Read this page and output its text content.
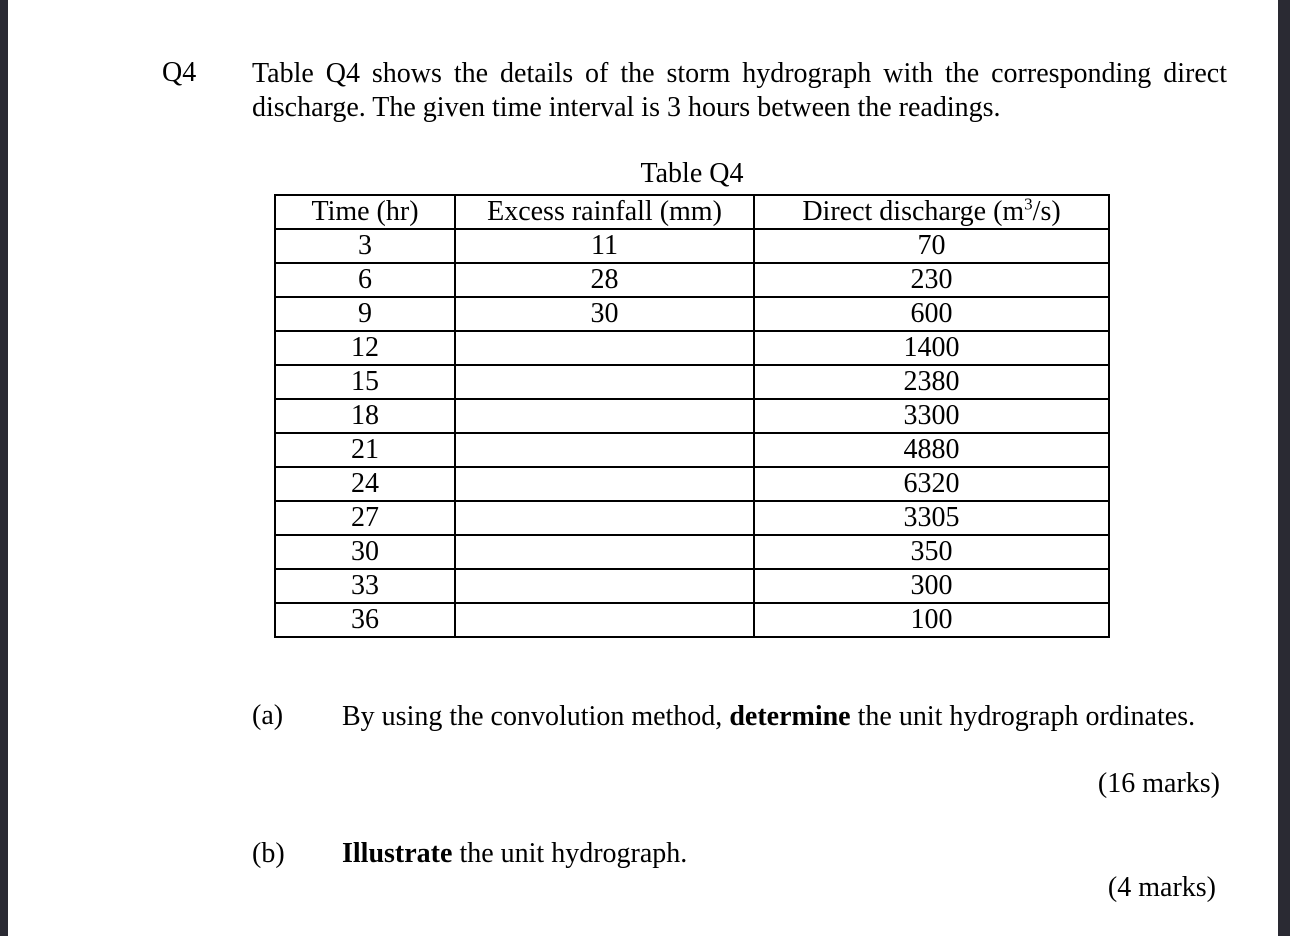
Q4 Table Q4 shows the details of the storm hydrograph with the corresponding direct discharge. The given time interval is 3 hours between the readings.
Table Q4
Time (hr)	Excess rainfall (mm)	Direct discharge $(m^3/s)$
3	11	70
6	28	230
9	30	600
12		1400
15		2380
18		3300
21		4880
24		6320
27		3305
30		350
33		300
36		100
(a) By using the convolution method, determine the unit hydrograph ordinates.
(16 marks)
(b) Illustrate the unit hydrograph.
(4 marks)
